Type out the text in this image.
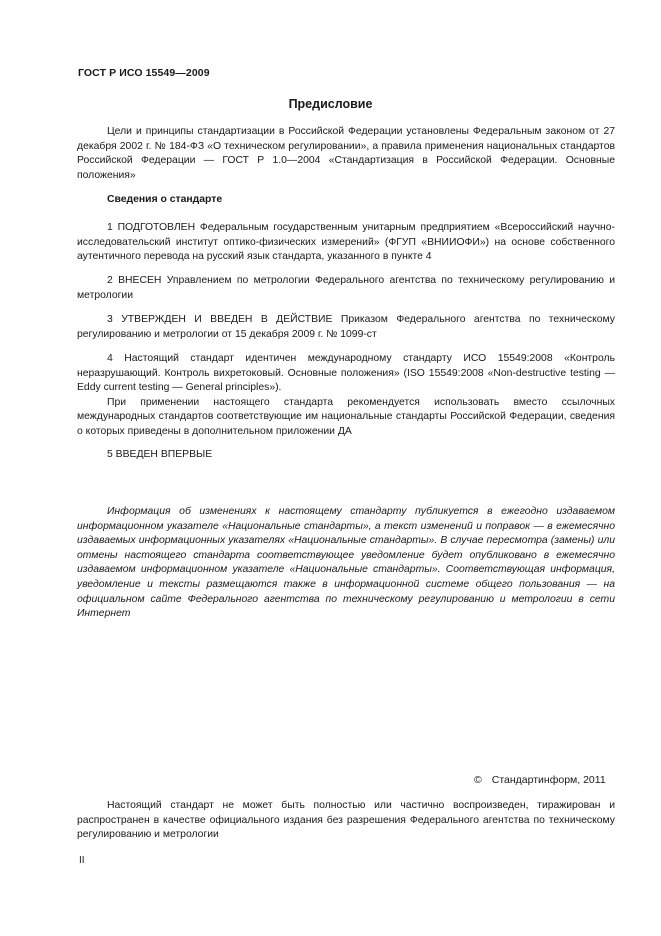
ГОСТ Р ИСО 15549—2009
Предисловие

Цели и принципы стандартизации в Российской Федерации установлены Федеральным законом от 27 декабря 2002 г. № 184-ФЗ «О техническом регулировании», а правила применения национальных стандартов Российской Федерации — ГОСТ Р 1.0—2004 «Стандартизация в Российской Федерации. Основные положения»

Сведения о стандарте

1 ПОДГОТОВЛЕН Федеральным государственным унитарным предприятием «Всероссийский научно-исследовательский институт оптико-физических измерений» (ФГУП «ВНИИОФИ») на основе собственного аутентичного перевода на русский язык стандарта, указанного в пункте 4

2 ВНЕСЕН Управлением по метрологии Федерального агентства по техническому регулированию и метрологии

3 УТВЕРЖДЕН И ВВЕДЕН В ДЕЙСТВИЕ Приказом Федерального агентства по техническому регулированию и метрологии от 15 декабря 2009 г. № 1099-ст

4 Настоящий стандарт идентичен международному стандарту ИСО 15549:2008 «Контроль неразрушающий. Контроль вихретоковый. Основные положения» (ISO 15549:2008 «Non-destructive testing — Eddy current testing — General principles»).

При применении настоящего стандарта рекомендуется использовать вместо ссылочных международных стандартов соответствующие им национальные стандарты Российской Федерации, сведения о которых приведены в дополнительном приложении ДА

5 ВВЕДЕН ВПЕРВЫЕ

Информация об изменениях к настоящему стандарту публикуется в ежегодно издаваемом информационном указателе «Национальные стандарты», а текст изменений и поправок — в ежемесячно издаваемых информационных указателях «Национальные стандарты». В случае пересмотра (замены) или отмены настоящего стандарта соответствующее уведомление будет опубликовано в ежемесячно издаваемом информационном указателе «Национальные стандарты». Соответствующая информация, уведомление и тексты размещаются также в информационной системе общего пользования — на официальном сайте Федерального агентства по техническому регулированию и метрологии в сети Интернет

© Стандартинформ, 2011

Настоящий стандарт не может быть полностью или частично воспроизведен, тиражирован и распространен в качестве официального издания без разрешения Федерального агентства по техническому регулированию и метрологии

II
